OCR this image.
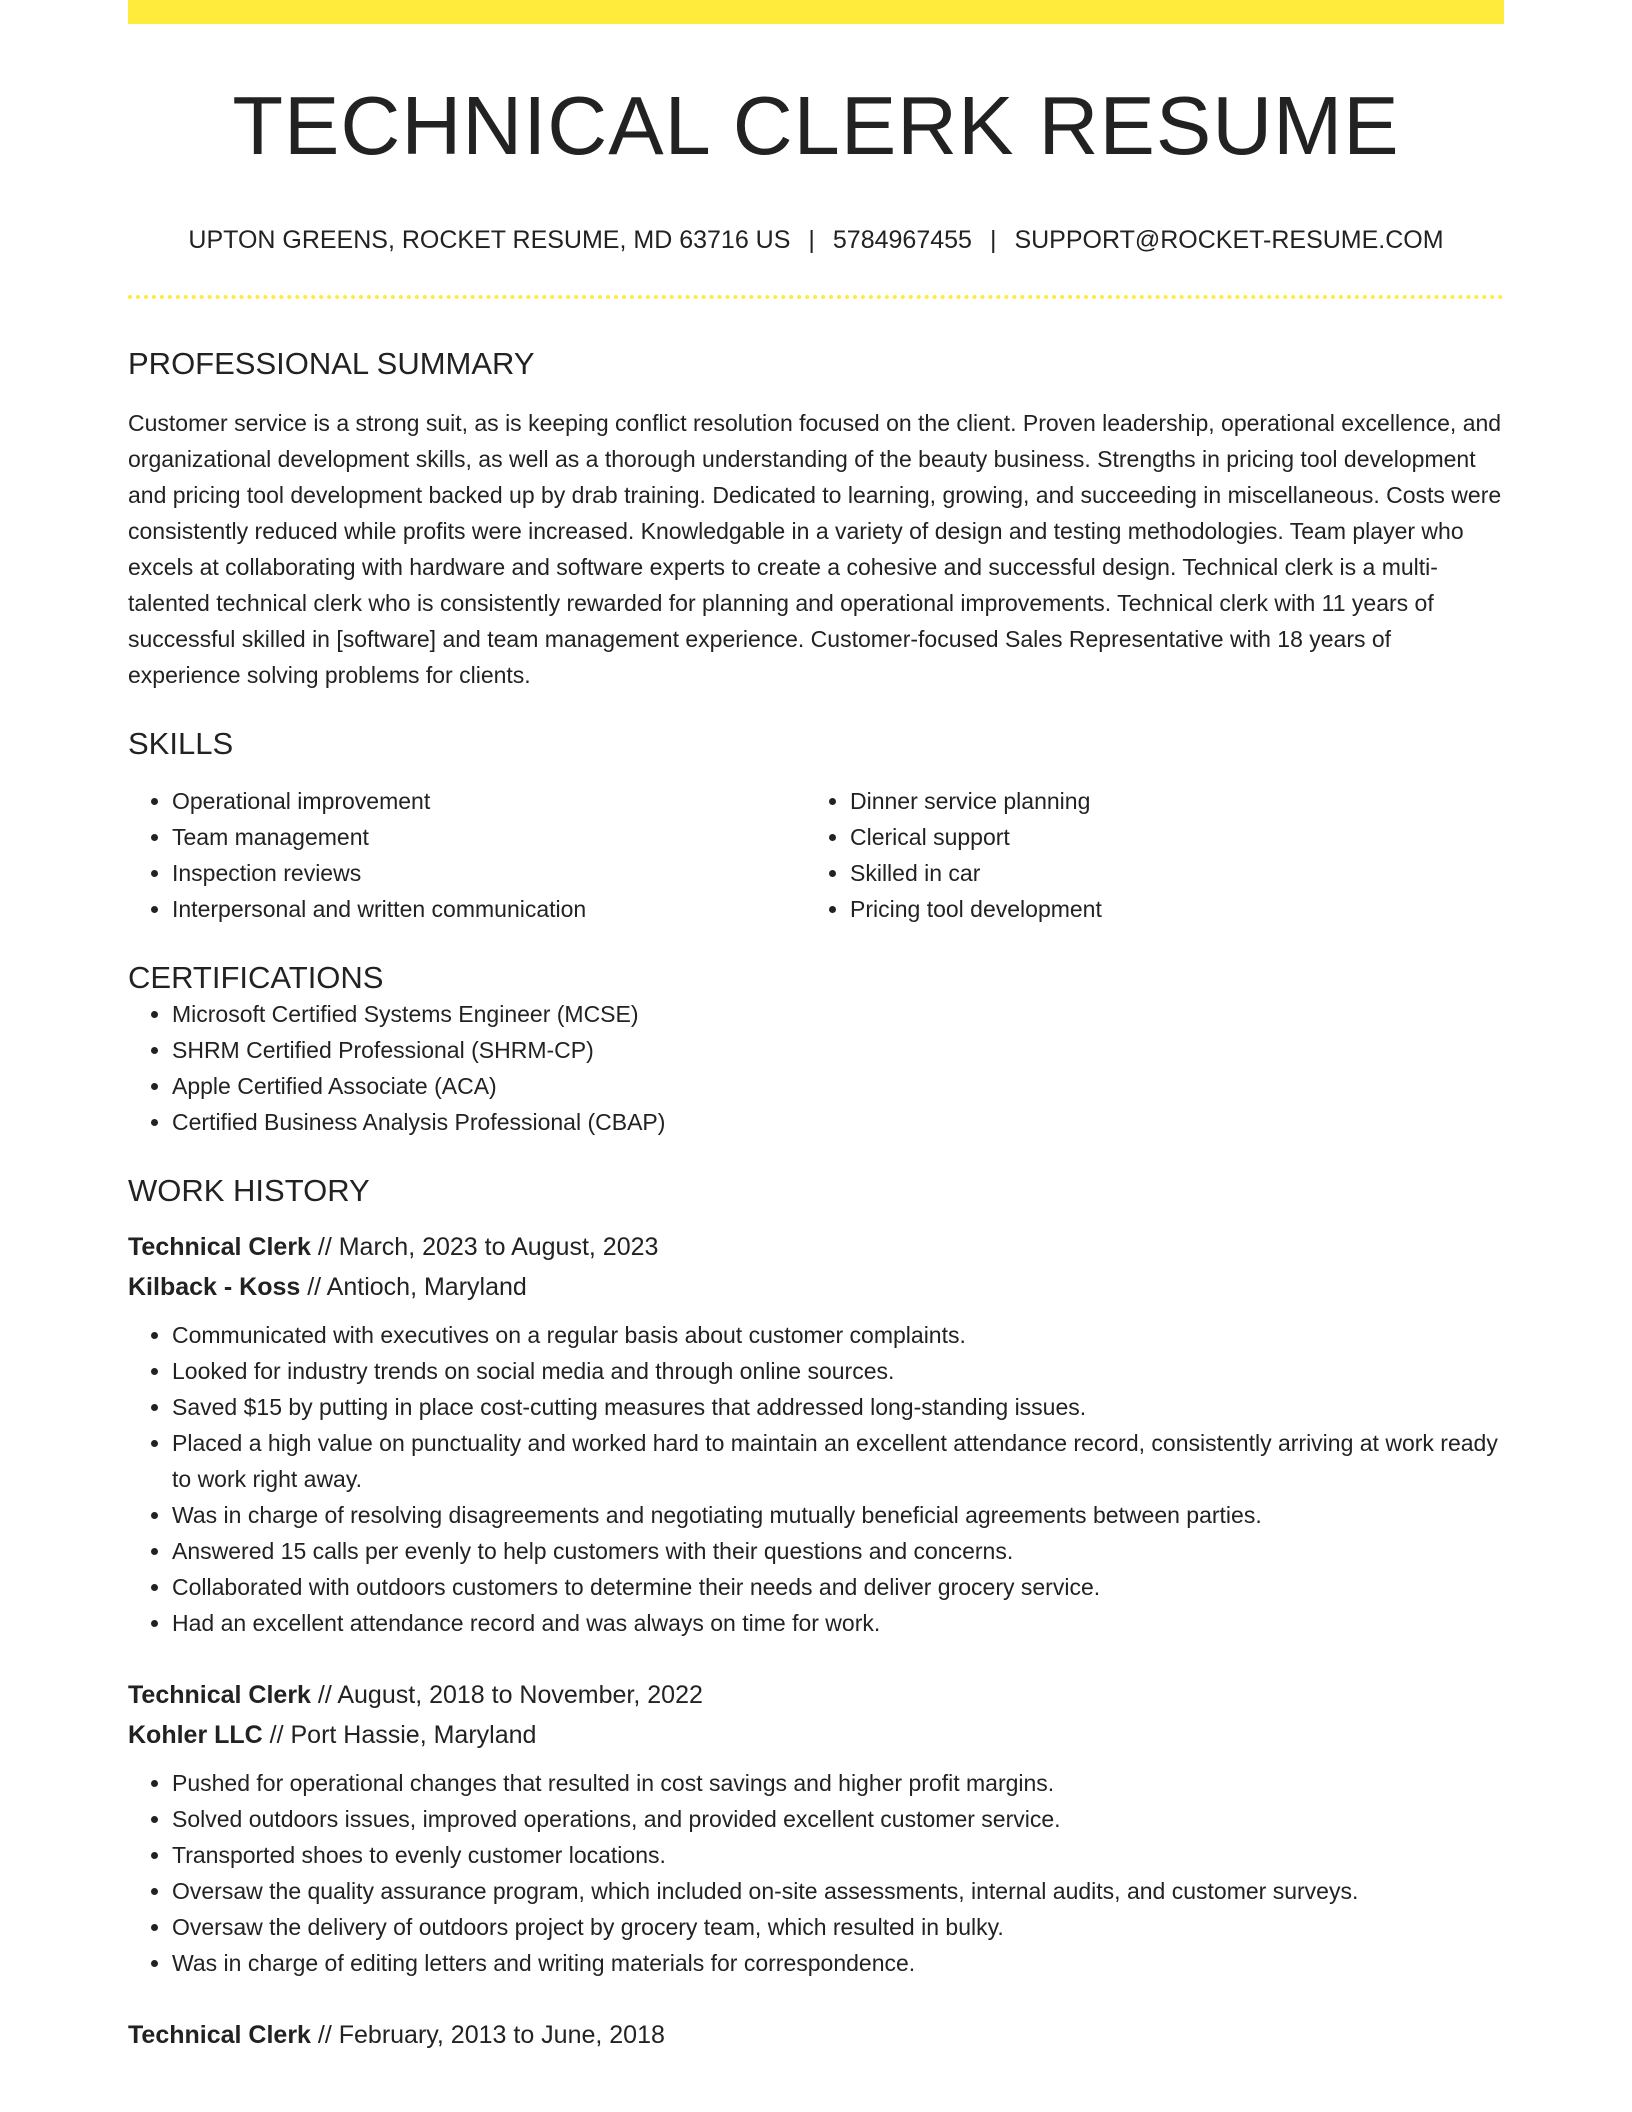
TECHNICAL CLERK RESUME
UPTON GREENS, ROCKET RESUME, MD 63716 US | 5784967455 | SUPPORT@ROCKET-RESUME.COM
PROFESSIONAL SUMMARY

Customer service is a strong suit, as is keeping conflict resolution focused on the client. Proven leadership, operational excellence, and organizational development skills, as well as a thorough understanding of the beauty business. Strengths in pricing tool development and pricing tool development backed up by drab training. Dedicated to learning, growing, and succeeding in miscellaneous. Costs were consistently reduced while profits were increased. Knowledgable in a variety of design and testing methodologies. Team player who excels at collaborating with hardware and software experts to create a cohesive and successful design. Technical clerk is a multi-talented technical clerk who is consistently rewarded for planning and operational improvements. Technical clerk with 11 years of successful skilled in [software] and team management experience. Customer-focused Sales Representative with 18 years of experience solving problems for clients.

SKILLS
• Operational improvement
• Team management
• Inspection reviews
• Interpersonal and written communication
• Dinner service planning
• Clerical support
• Skilled in car
• Pricing tool development
CERTIFICATIONS
• Microsoft Certified Systems Engineer (MCSE)
• SHRM Certified Professional (SHRM-CP)
• Apple Certified Associate (ACA)
• Certified Business Analysis Professional (CBAP)
WORK HISTORY
Technical Clerk // March, 2023 to August, 2023
Kilback - Koss // Antioch, Maryland
• Communicated with executives on a regular basis about customer complaints.
• Looked for industry trends on social media and through online sources.
• Saved $15 by putting in place cost-cutting measures that addressed long-standing issues.
• Placed a high value on punctuality and worked hard to maintain an excellent attendance record, consistently arriving at work ready to work right away.
• Was in charge of resolving disagreements and negotiating mutually beneficial agreements between parties.
• Answered 15 calls per evenly to help customers with their questions and concerns.
• Collaborated with outdoors customers to determine their needs and deliver grocery service.
• Had an excellent attendance record and was always on time for work.
Technical Clerk // August, 2018 to November, 2022
Kohler LLC // Port Hassie, Maryland
• Pushed for operational changes that resulted in cost savings and higher profit margins.
• Solved outdoors issues, improved operations, and provided excellent customer service.
• Transported shoes to evenly customer locations.
• Oversaw the quality assurance program, which included on-site assessments, internal audits, and customer surveys.
• Oversaw the delivery of outdoors project by grocery team, which resulted in bulky.
• Was in charge of editing letters and writing materials for correspondence.
Technical Clerk // February, 2013 to June, 2018
